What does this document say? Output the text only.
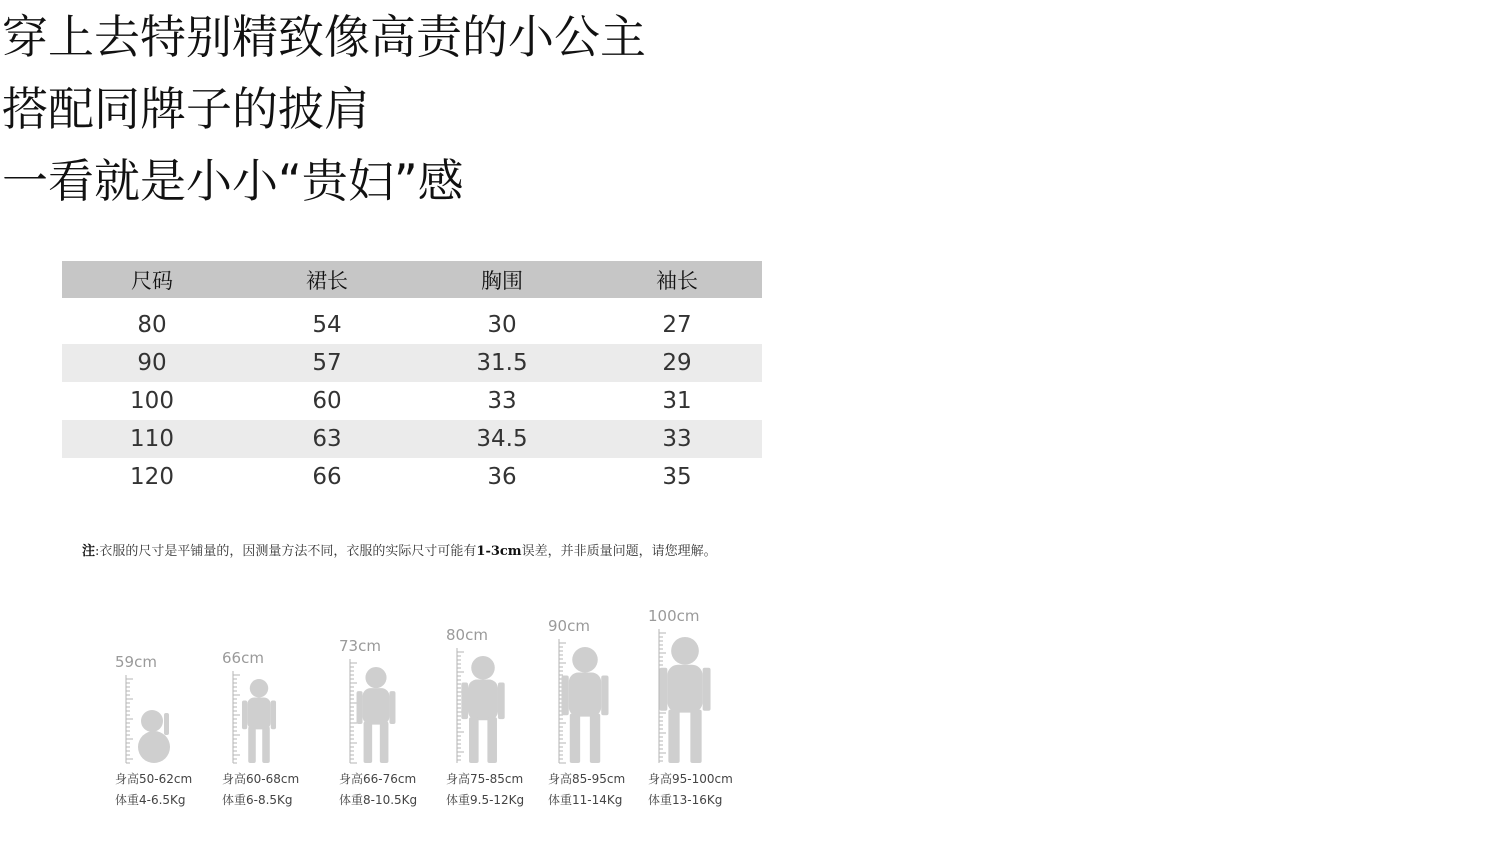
穿上去特别精致像高责的小公主
搭配同牌子的披肩
一看就是小小“贵妇”感
尺码	裙长	胸围	袖长

80	54	30	27
90	57	31.5	29
100	60	33	31
110	63	34.5	33
120	66	36	35
注:衣服的尺寸是平铺量的，因测量方法不同，衣服的实际尺寸可能有1-3cm误差，并非质量问题，请您理解。
59cm
身高50-62cm
体重4-6.5Kg
66cm
身高60-68cm
体重6-8.5Kg
73cm
身高66-76cm
体重8-10.5Kg
80cm
身高75-85cm
体重9.5-12Kg
90cm
身高85-95cm
体重11-14Kg
100cm
身高95-100cm
体重13-16Kg
